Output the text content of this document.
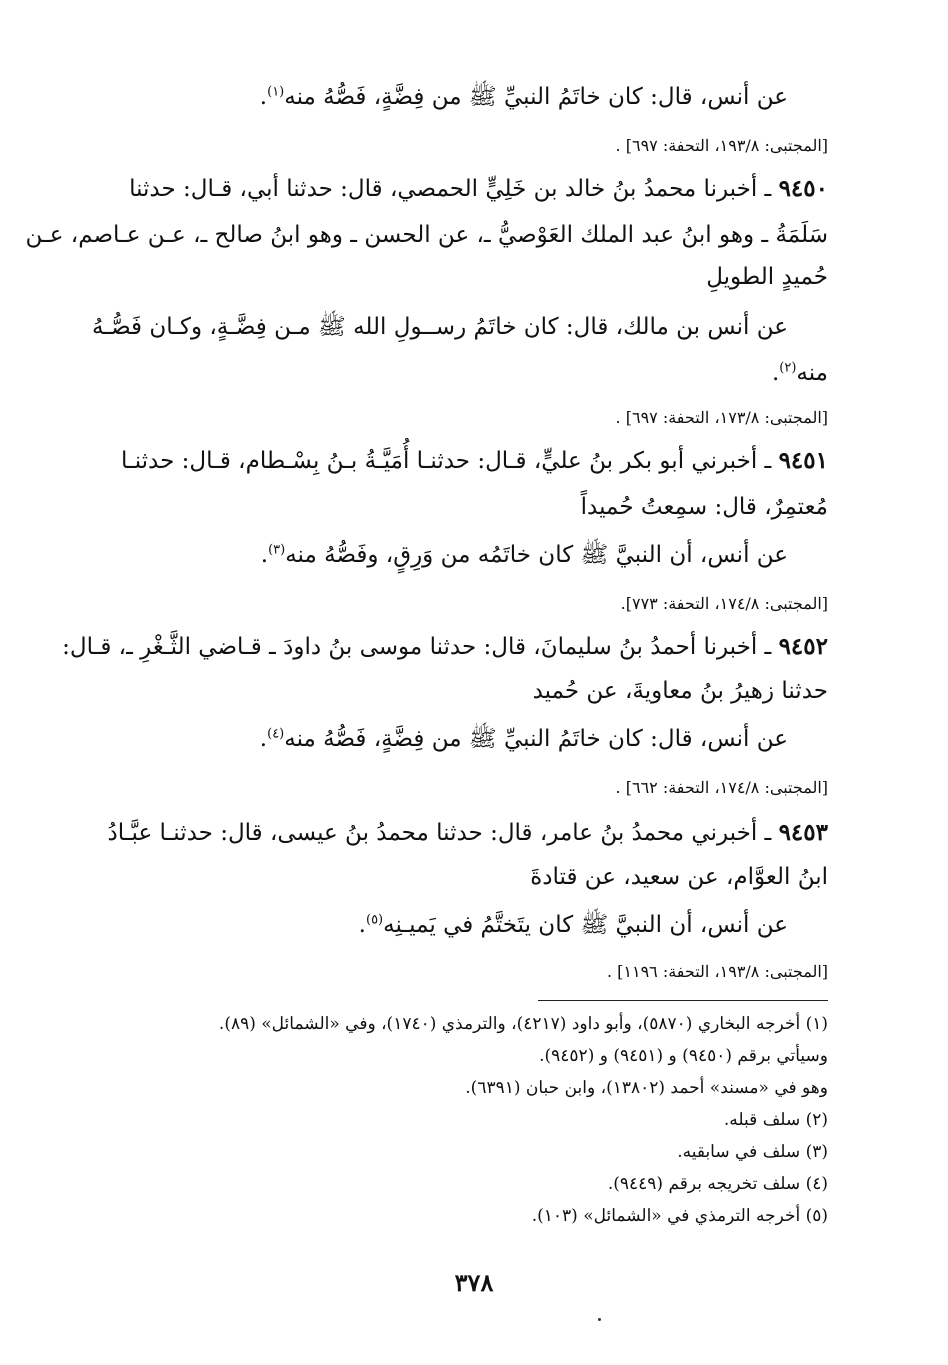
عن أنس، قال: كان خاتَمُ النبيِّ ﷺ من فِضَّةٍ، فَصُّهُ منه$^{(١)}$.
[المجتبى: ١٩٣/٨، التحفة: ٦٩٧] .
٩٤٥٠ ـ أخبرنا محمدُ بنُ خالد بن خَلِيٍّ الحمصي، قال: حدثنا أبي، قـال: حدثنا
سَلَمَةُ ـ وهو ابنُ عبد الملك العَوْصيُّ ـ، عن الحسن ـ وهو ابنُ صالح ـ، عـن عـاصم، عـن
حُميدٍ الطويلِ
عن أنس بن مالك، قال: كان خاتَمُ رســولِ الله ﷺ مـن فِضَّـةٍ، وكـان فَصُّـهُ
منه$^{(٢)}$.
[المجتبى: ١٧٣/٨، التحفة: ٦٩٧] .
٩٤٥١ ـ أخبرني أبو بكر بنُ عليٍّ، قـال: حدثنـا أُمَيَّـةُ بـنُ بِسْـطام، قـال: حدثنـا
مُعتمِرٌ، قال: سمِعتُ حُميداً
عن أنس، أن النبيَّ ﷺ كان خاتَمُه من وَرِقٍ، وفَصُّهُ منه$^{(٣)}$.
[المجتبى: ١٧٤/٨، التحفة: ٧٧٣].
٩٤٥٢ ـ أخبرنا أحمدُ بنُ سليمانَ، قال: حدثنا موسى بنُ داودَ ـ قـاضي الثَّـغْرِ ـ، قـال:
حدثنا زهيرُ بنُ معاويةَ، عن حُميد
عن أنس، قال: كان خاتَمُ النبيِّ ﷺ من فِضَّةٍ، فَصُّهُ منه$^{(٤)}$.
[المجتبى: ١٧٤/٨، التحفة: ٦٦٢] .
٩٤٥٣ ـ أخبرني محمدُ بنُ عامر، قال: حدثنا محمدُ بنُ عيسى، قال: حدثنـا عبَّـادُ
ابنُ العوَّام، عن سعيد، عن قتادةَ
عن أنس، أن النبيَّ ﷺ كان يتَختَّمُ في يَميـنِه$^{(٥)}$.
[المجتبى: ١٩٣/٨، التحفة: ١١٩٦] .
(١) أخرجه البخاري (٥٨٧٠)، وأبو داود (٤٢١٧)، والترمذي (١٧٤٠)، وفي «الشمائل» (٨٩).
وسيأتي برقم (٩٤٥٠) و (٩٤٥١) و (٩٤٥٢).
وهو في «مسند» أحمد (١٣٨٠٢)، وابن حبان (٦٣٩١).
(٢) سلف قبله.
(٣) سلف في سابقيه.
(٤) سلف تخريجه برقم (٩٤٤٩).
(٥) أخرجه الترمذي في «الشمائل» (١٠٣).
٣٧٨
